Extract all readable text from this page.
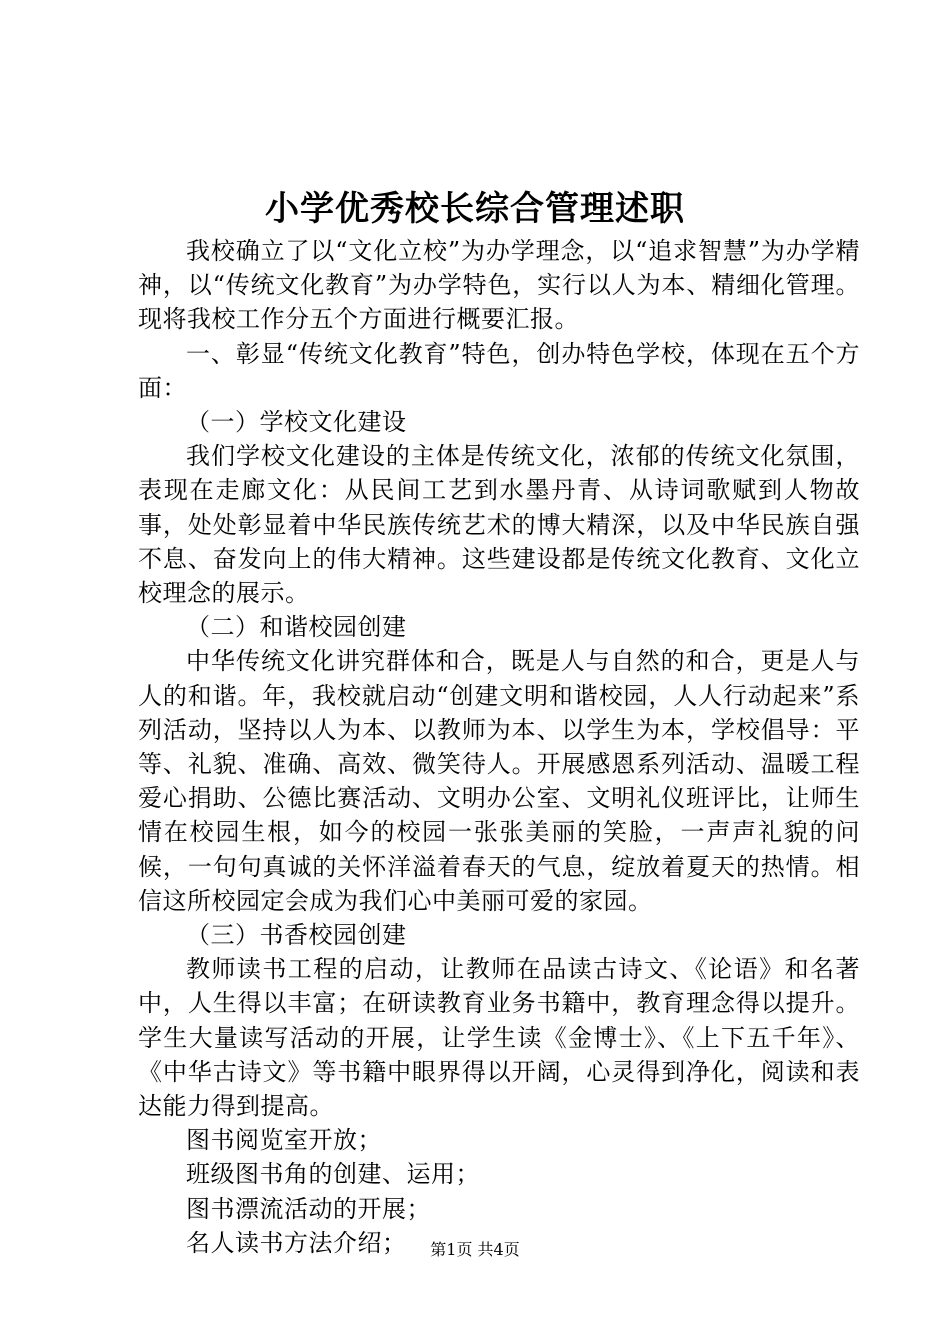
小学优秀校长综合管理述职

我校确立了以“文化立校”为办学理念，以“追求智慧”为办学精神，以“传统文化教育”为办学特色，实行以人为本、精细化管理。现将我校工作分五个方面进行概要汇报。

一、彰显“传统文化教育”特色，创办特色学校，体现在五个方面：

（一）学校文化建设

我们学校文化建设的主体是传统文化，浓郁的传统文化氛围，表现在走廊文化：从民间工艺到水墨丹青、从诗词歌赋到人物故事，处处彰显着中华民族传统艺术的博大精深，以及中华民族自强不息、奋发向上的伟大精神。这些建设都是传统文化教育、文化立校理念的展示。

（二）和谐校园创建

中华传统文化讲究群体和合，既是人与自然的和合，更是人与人的和谐。年，我校就启动“创建文明和谐校园，人人行动起来”系列活动，坚持以人为本、以教师为本、以学生为本，学校倡导：平等、礼貌、准确、高效、微笑待人。开展感恩系列活动、温暖工程爱心捐助、公德比赛活动、文明办公室、文明礼仪班评比，让师生情在校园生根，如今的校园一张张美丽的笑脸，一声声礼貌的问候，一句句真诚的关怀洋溢着春天的气息，绽放着夏天的热情。相信这所校园定会成为我们心中美丽可爱的家园。

（三）书香校园创建

教师读书工程的启动，让教师在品读古诗文、《论语》和名著中，人生得以丰富；在研读教育业务书籍中，教育理念得以提升。学生大量读写活动的开展，让学生读《金博士》、《上下五千年》、《中华古诗文》等书籍中眼界得以开阔，心灵得到净化，阅读和表达能力得到提高。

图书阅览室开放；

班级图书角的创建、运用；

图书漂流活动的开展；

名人读书方法介绍；	第1页 共4页
